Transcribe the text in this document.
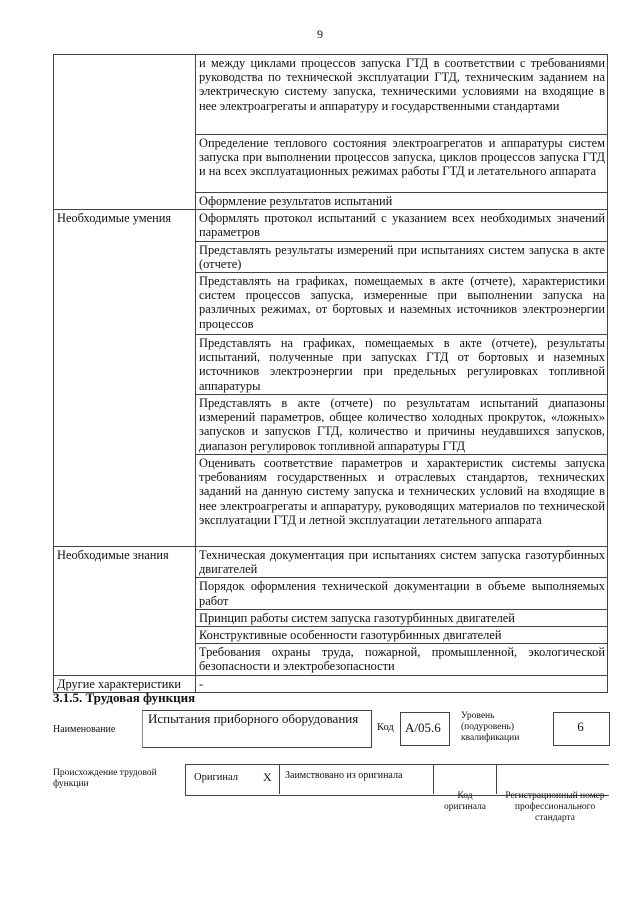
9
	и между циклами процессов запуска ГТД в соответствии с требованиями руководства по технической эксплуатации ГТД, техническим заданием на электрическую систему запуска, техническими условиями на входящие в нее электроагрегаты и аппаратуру и государственными стандартами
	Определение теплового состояния электроагрегатов и аппаратуры систем запуска при выполнении процессов запуска, циклов процессов запуска ГТД и на всех эксплуатационных режимах работы ГТД и летательного аппарата
	Оформление результатов испытаний
Необходимые умения	Оформлять протокол испытаний с указанием всех необходимых значений параметров
	Представлять результаты измерений при испытаниях систем запуска в акте (отчете)
	Представлять на графиках, помещаемых в акте (отчете), характеристики систем процессов запуска, измеренные при выполнении запуска на различных режимах, от бортовых и наземных источников электроэнергии процессов
	Представлять на графиках, помещаемых в акте (отчете), результаты испытаний, полученные при запусках ГТД от бортовых и наземных источников электроэнергии при предельных регулировках топливной аппаратуры
	Представлять в акте (отчете) по результатам испытаний диапазоны измерений параметров, общее количество холодных прокруток, «ложных» запусков и запусков ГТД, количество и причины неудавшихся запусков, диапазон регулировок топливной аппаратуры ГТД
	Оценивать соответствие параметров и характеристик системы запуска требованиям государственных и отраслевых стандартов, технических заданий на данную систему запуска и технических условий на входящие в нее электроагрегаты и аппаратуру, руководящих материалов по технической эксплуатации ГТД и летной эксплуатации летательного аппарата
Необходимые знания	Техническая документация при испытаниях систем запуска газотурбинных двигателей
	Порядок оформления технической документации в объеме выполняемых работ
	Принцип работы систем запуска газотурбинных двигателей
	Конструктивные особенности газотурбинных двигателей
	Требования охраны труда, пожарной, промышленной, экологической безопасности и электробезопасности
Другие характеристики	-
3.1.5. Трудовая функция
Наименование
Испытания приборного оборудования
Код A/05.6
Уровень (подуровень) квалификации
6
Происхождение трудовой функции
Оригинал X Заимствовано из оригинала
Код оригинала
Регистрационный номер профессионального стандарта
